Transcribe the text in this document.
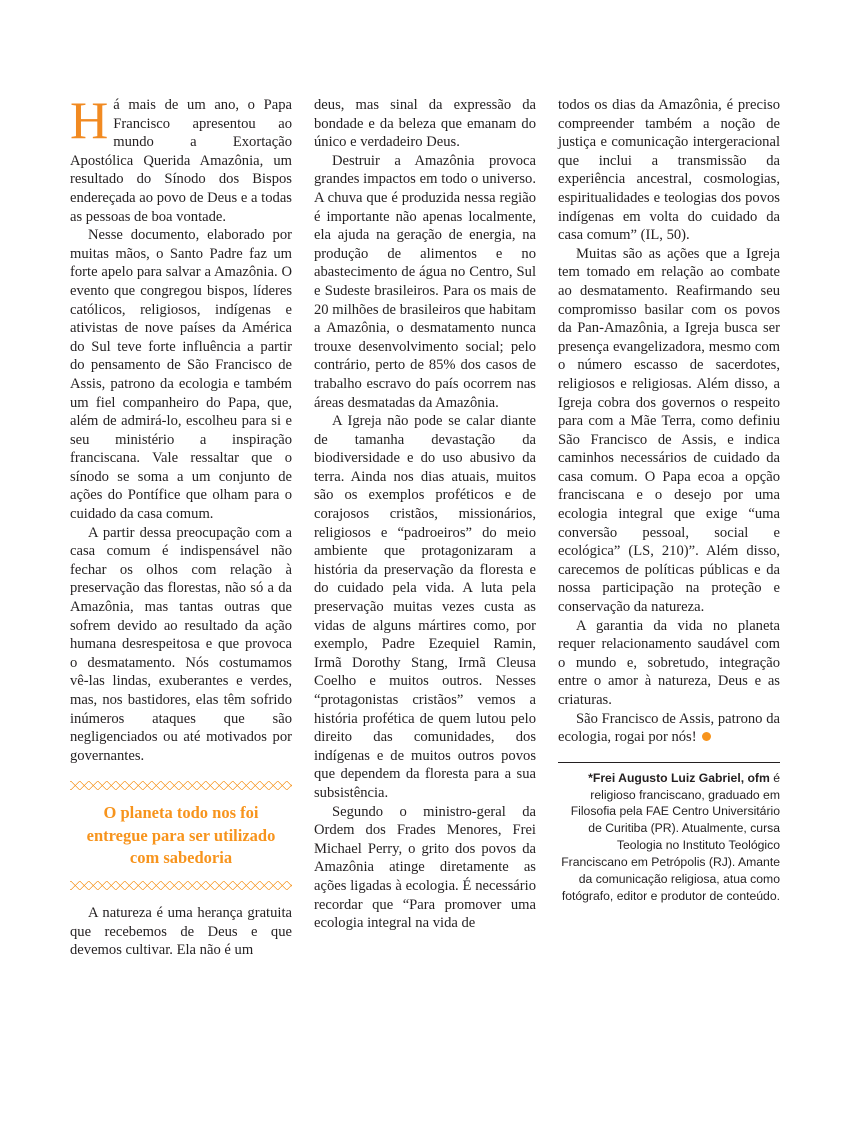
Há mais de um ano, o Papa Francisco apresentou ao mundo a Exortação Apostólica Querida Amazônia, um resultado do Sínodo dos Bispos endereçada ao povo de Deus e a todas as pessoas de boa vontade.

Nesse documento, elaborado por muitas mãos, o Santo Padre faz um forte apelo para salvar a Amazônia. O evento que congregou bispos, líderes católicos, religiosos, indígenas e ativistas de nove países da América do Sul teve forte influência a partir do pensamento de São Francisco de Assis, patrono da ecologia e também um fiel companheiro do Papa, que, além de admirá-lo, escolheu para si e seu ministério a inspiração franciscana. Vale ressaltar que o sínodo se soma a um conjunto de ações do Pontífice que olham para o cuidado da casa comum.

A partir dessa preocupação com a casa comum é indispensável não fechar os olhos com relação à preservação das florestas, não só a da Amazônia, mas tantas outras que sofrem devido ao resultado da ação humana desrespeitosa e que provoca o desmatamento. Nós costumamos vê-las lindas, exuberantes e verdes, mas, nos bastidores, elas têm sofrido inúmeros ataques que são negligenciados ou até motivados por governantes.

O planeta todo nos foi entregue para ser utilizado com sabedoria

A natureza é uma herança gratuita que recebemos de Deus e que devemos cultivar. Ela não é um

deus, mas sinal da expressão da bondade e da beleza que emanam do único e verdadeiro Deus.

Destruir a Amazônia provoca grandes impactos em todo o universo. A chuva que é produzida nessa região é importante não apenas localmente, ela ajuda na geração de energia, na produção de alimentos e no abastecimento de água no Centro, Sul e Sudeste brasileiros. Para os mais de 20 milhões de brasileiros que habitam a Amazônia, o desmatamento nunca trouxe desenvolvimento social; pelo contrário, perto de 85% dos casos de trabalho escravo do país ocorrem nas áreas desmatadas da Amazônia.

A Igreja não pode se calar diante de tamanha devastação da biodiversidade e do uso abusivo da terra. Ainda nos dias atuais, muitos são os exemplos proféticos e de corajosos cristãos, missionários, religiosos e “padroeiros” do meio ambiente que protagonizaram a história da preservação da floresta e do cuidado pela vida. A luta pela preservação muitas vezes custa as vidas de alguns mártires como, por exemplo, Padre Ezequiel Ramin, Irmã Dorothy Stang, Irmã Cleusa Coelho e muitos outros. Nesses “protagonistas cristãos” vemos a história profética de quem lutou pelo direito das comunidades, dos indígenas e de muitos outros povos que dependem da floresta para a sua subsistência.

Segundo o ministro-geral da Ordem dos Frades Menores, Frei Michael Perry, o grito dos povos da Amazônia atinge diretamente as ações ligadas à ecologia. É necessário recordar que “Para promover uma ecologia integral na vida de

todos os dias da Amazônia, é preciso compreender também a noção de justiça e comunicação intergeracional que inclui a transmissão da experiência ancestral, cosmologias, espiritualidades e teologias dos povos indígenas em volta do cuidado da casa comum” (IL, 50).

Muitas são as ações que a Igreja tem tomado em relação ao combate ao desmatamento. Reafirmando seu compromisso basilar com os povos da Pan-Amazônia, a Igreja busca ser presença evangelizadora, mesmo com o número escasso de sacerdotes, religiosos e religiosas. Além disso, a Igreja cobra dos governos o respeito para com a Mãe Terra, como definiu São Francisco de Assis, e indica caminhos necessários de cuidado da casa comum. O Papa ecoa a opção franciscana e o desejo por uma ecologia integral que exige “uma conversão pessoal, social e ecológica” (LS, 210)”. Além disso, carecemos de políticas públicas e da nossa participação na proteção e conservação da natureza.

A garantia da vida no planeta requer relacionamento saudável com o mundo e, sobretudo, integração entre o amor à natureza, Deus e as criaturas.

São Francisco de Assis, patrono da ecologia, rogai por nós!

*Frei Augusto Luiz Gabriel, ofm é religioso franciscano, graduado em Filosofia pela FAE Centro Universitário de Curitiba (PR). Atualmente, cursa Teologia no Instituto Teológico Franciscano em Petrópolis (RJ). Amante da comunicação religiosa, atua como fotógrafo, editor e produtor de conteúdo.
